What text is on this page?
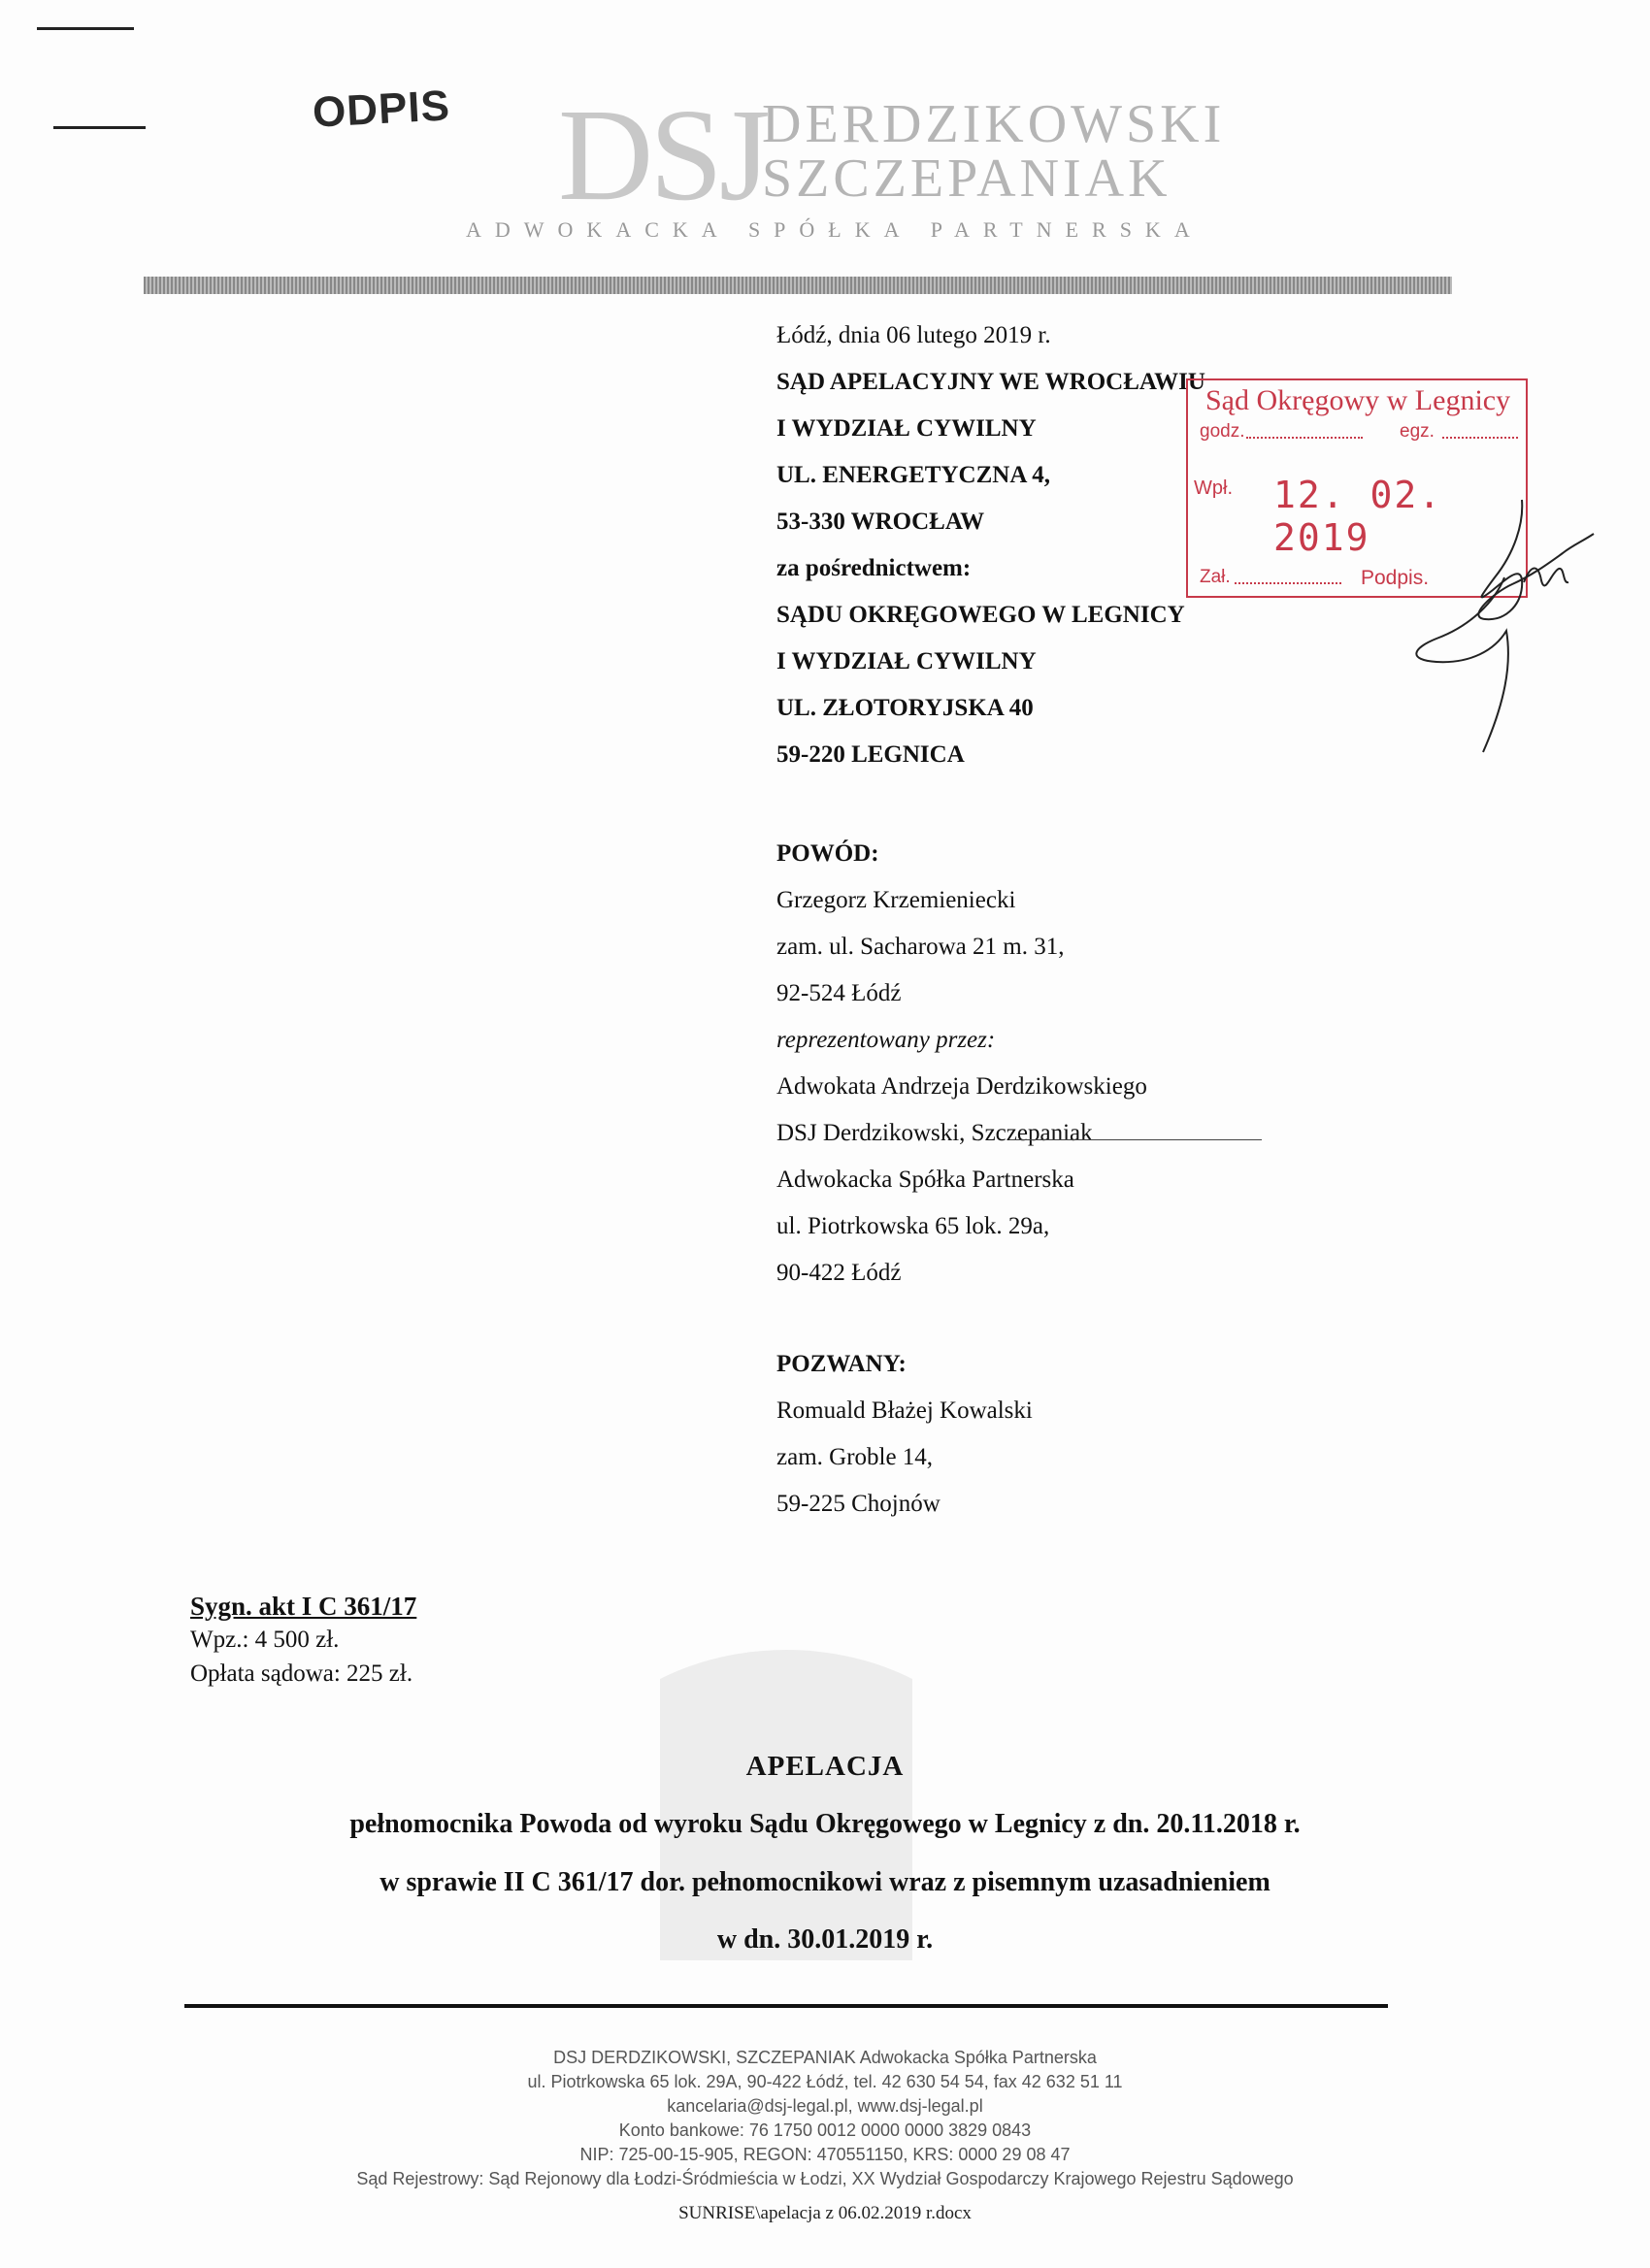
ODPIS DSJ
DERDZIKOWSKI
SZCZEPANIAK
ADWOKACKA SPÓŁKA PARTNERSKA
Łódź, dnia 06 lutego 2019 r.
SĄD APELACYJNY WE WROCŁAWIU
I WYDZIAŁ CYWILNY
UL. ENERGETYCZNA 4,
53-330 WROCŁAW
za pośrednictwem:
SĄDU OKRĘGOWEGO W LEGNICY
I WYDZIAŁ CYWILNY
UL. ZŁOTORYJSKA 40
59-220 LEGNICA
Sąd Okręgowy w Legnicy
godz.	egz.
Wpł. 12. 02. 2019
Zał.	Podpis.
POWÓD:
Grzegorz Krzemieniecki
zam. ul. Sacharowa 21 m. 31,
92-524 Łódź
reprezentowany przez:
Adwokata Andrzeja Derdzikowskiego
DSJ Derdzikowski, Szczepaniak
Adwokacka Spółka Partnerska
ul. Piotrkowska 65 lok. 29a,
90-422 Łódź
POZWANY:
Romuald Błażej Kowalski
zam. Groble 14,
59-225 Chojnów
Sygn. akt I C 361/17
Wpz.: 4 500 zł.
Opłata sądowa: 225 zł.
APELACJA
pełnomocnika Powoda od wyroku Sądu Okręgowego w Legnicy z dn. 20.11.2018 r.
w sprawie II C 361/17 dor. pełnomocnikowi wraz z pisemnym uzasadnieniem
w dn. 30.01.2019 r.
DSJ DERDZIKOWSKI, SZCZEPANIAK Adwokacka Spółka Partnerska
ul. Piotrkowska 65 lok. 29A, 90-422 Łódź, tel. 42 630 54 54, fax 42 632 51 11
kancelaria@dsj-legal.pl, www.dsj-legal.pl
Konto bankowe: 76 1750 0012 0000 0000 3829 0843
NIP: 725-00-15-905, REGON: 470551150, KRS: 0000 29 08 47
Sąd Rejestrowy: Sąd Rejonowy dla Łodzi-Śródmieścia w Łodzi, XX Wydział Gospodarczy Krajowego Rejestru Sądowego
SUNRISE\apelacja z 06.02.2019 r.docx
